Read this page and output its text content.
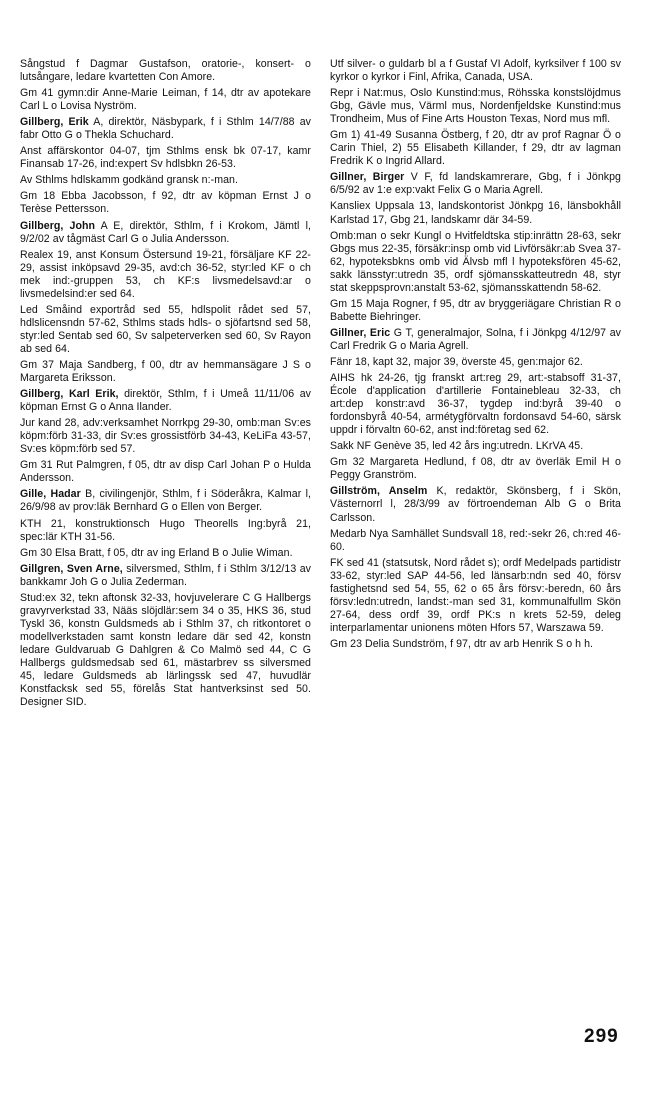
Sångstud f Dagmar Gustafson, oratorie-, konsert- o lutsångare, ledare kvartetten Con Amore.

Gm 41 gymn:dir Anne-Marie Leiman, f 14, dtr av apotekare Carl L o Lovisa Nyström.

Gillberg, Erik A, direktör, Näsbypark, f i Sthlm 14/7/88 av fabr Otto G o Thekla Schuchard.

Anst affärskontor 04-07, tjm Sthlms ensk bk 07-17, kamr Finansab 17-26, ind:expert Sv hdlsbkn 26-53.

Av Sthlms hdlskamm godkänd gransk n:-man.

Gm 18 Ebba Jacobsson, f 92, dtr av köpman Ernst J o Terèse Pettersson.

Gillberg, John A E, direktör, Sthlm, f i Krokom, Jämtl l, 9/2/02 av tågmäst Carl G o Julia Andersson.

Realex 19, anst Konsum Östersund 19-21, försäljare KF 22-29, assist inköpsavd 29-35, avd:ch 36-52, styr:led KF o ch mek ind:-gruppen 53, ch KF:s livsmedelsavd:ar o livsmedelsind:er sed 64.

Led Småind exportråd sed 55, hdlspolit rådet sed 57, hdlslicensndn 57-62, Sthlms stads hdls- o sjöfartsnd sed 58, styr:led Sentab sed 60, Sv salpeterverken sed 60, Sv Rayon ab sed 64.

Gm 37 Maja Sandberg, f 00, dtr av hemmansägare J S o Margareta Eriksson.

Gillberg, Karl Erik, direktör, Sthlm, f i Umeå 11/11/06 av köpman Ernst G o Anna Ilander.

Jur kand 28, adv:verksamhet Norrkpg 29-30, omb:man Sv:es köpm:förb 31-33, dir Sv:es grossistförb 34-43, KeLiFa 43-57, Sv:es köpm:förb sed 57.

Gm 31 Rut Palmgren, f 05, dtr av disp Carl Johan P o Hulda Andersson.

Gille, Hadar B, civilingenjör, Sthlm, f i Söderåkra, Kalmar l, 26/9/98 av prov:läk Bernhard G o Ellen von Berger.

KTH 21, konstruktionsch Hugo Theorells Ing:byrå 21, spec:lär KTH 31-56.

Gm 30 Elsa Bratt, f 05, dtr av ing Erland B o Julie Wiman.

Gillgren, Sven Arne, silversmed, Sthlm, f i Sthlm 3/12/13 av bankkamr Joh G o Julia Zederman.

Stud:ex 32, tekn aftonsk 32-33, hovjuvelerare C G Hallbergs gravyrverkstad 33, Nääs slöjdlär:sem 34 o 35, HKS 36, stud Tyskl 36, konstn Guldsmeds ab i Sthlm 37, ch ritkontoret o modellverkstaden samt konstn ledare där sed 42, konstn ledare Guldvaruab G Dahlgren & Co Malmö sed 44, C G Hallbergs guldsmedsab sed 61, mästarbrev ss silversmed 45, ledare Guldsmeds ab lärlingssk sed 47, huvudlär Konstfacksk sed 55, förelås Stat hantverksinst sed 50. Designer SID.

Utf silver- o guldarb bl a f Gustaf VI Adolf, kyrksilver f 100 sv kyrkor o kyrkor i Finl, Afrika, Canada, USA.

Repr i Nat:mus, Oslo Kunstind:mus, Röhsska konstslöjdmus Gbg, Gävle mus, Värml mus, Nordenfjeldske Kunstind:mus Trondheim, Mus of Fine Arts Houston Texas, Nord mus mfl.

Gm 1) 41-49 Susanna Östberg, f 20, dtr av prof Ragnar Ö o Carin Thiel, 2) 55 Elisabeth Killander, f 29, dtr av lagman Fredrik K o Ingrid Allard.

Gillner, Birger V F, fd landskamrerare, Gbg, f i Jönkpg 6/5/92 av 1:e exp:vakt Felix G o Maria Agrell.

Kansliex Uppsala 13, landskontorist Jönkpg 16, länsbokhåll Karlstad 17, Gbg 21, landskamr där 34-59.

Omb:man o sekr Kungl o Hvitfeldtska stip:inrättn 28-63, sekr Gbgs mus 22-35, försäkr:insp omb vid Livförsäkr:ab Svea 37-62, hypoteksbkns omb vid Älvsb mfl l hypoteksfören 45-62, sakk länsstyr:utredn 35, ordf sjömansskatteutredn 48, styr stat skeppsprovn:anstalt 53-62, sjömansskattendn 58-62.

Gm 15 Maja Rogner, f 95, dtr av bryggeriägare Christian R o Babette Biehringer.

Gillner, Eric G T, generalmajor, Solna, f i Jönkpg 4/12/97 av Carl Fredrik G o Maria Agrell.

Fänr 18, kapt 32, major 39, överste 45, gen:major 62.

AIHS hk 24-26, tjg franskt art:reg 29, art:-stabsoff 31-37, École d'application d'artillerie Fontainebleau 32-33, ch art:dep konstr:avd 36-37, tygdep ind:byrå 39-40 o fordonsbyrå 40-54, armétygförvaltn fordonsavd 54-60, särsk uppdr i förvaltn 60-62, anst ind:företag sed 62.

Sakk NF Genève 35, led 42 års ing:utredn. LKrVA 45.

Gm 32 Margareta Hedlund, f 08, dtr av överläk Emil H o Peggy Granström.

Gillström, Anselm K, redaktör, Skönsberg, f i Skön, Västernorrl l, 28/3/99 av förtroendeman Alb G o Brita Carlsson.

Medarb Nya Samhället Sundsvall 18, red:-sekr 26, ch:red 46-60.

FK sed 41 (statsutsk, Nord rådet s); ordf Medelpads partidistr 33-62, styr:led SAP 44-56, led länsarb:ndn sed 40, försv fastighetsnd sed 54, 55, 62 o 65 års försv:-beredn, 60 års försv:ledn:utredn, landst:-man sed 31, kommunalfullm Skön 27-64, dess ordf 39, ordf PK:s n krets 52-59, deleg interparlamentar unionens möten Hfors 57, Warszawa 59.

Gm 23 Delia Sundström, f 97, dtr av arb Henrik S o h h.

299
